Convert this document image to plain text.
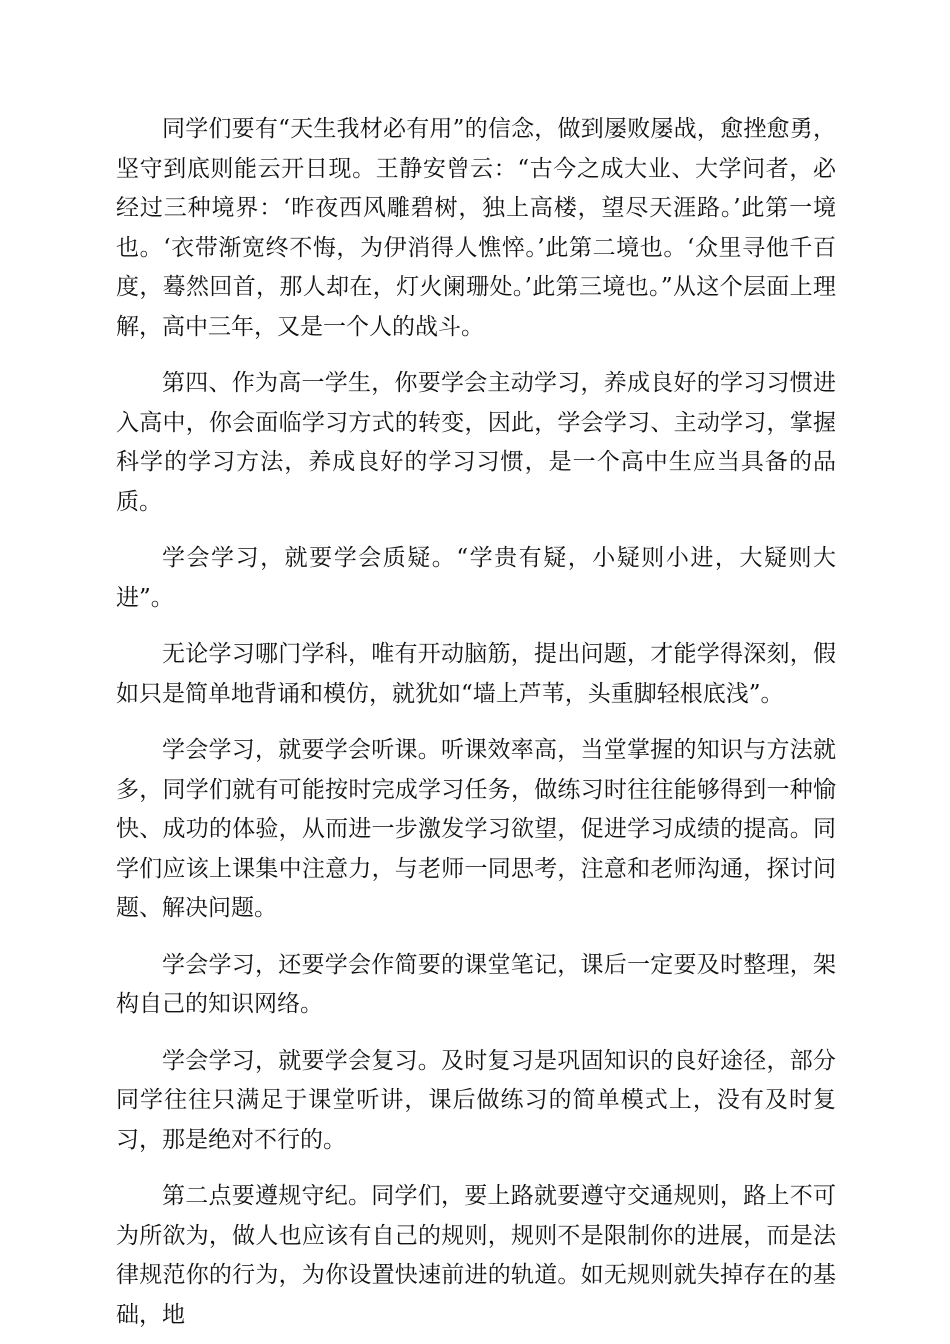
同学们要有“天生我材必有用”的信念，做到屡败屡战，愈挫愈勇，坚守到底则能云开日现。王静安曾云：“古今之成大业、大学问者，必经过三种境界：‘昨夜西风雕碧树，独上高楼，望尽天涯路。’此第一境也。‘衣带渐宽终不悔，为伊消得人憔悴。’此第二境也。‘众里寻他千百度，蓦然回首，那人却在，灯火阑珊处。’此第三境也。”从这个层面上理解，高中三年，又是一个人的战斗。

第四、作为高一学生，你要学会主动学习，养成良好的学习习惯进入高中，你会面临学习方式的转变，因此，学会学习、主动学习，掌握科学的学习方法，养成良好的学习习惯，是一个高中生应当具备的品质。

学会学习，就要学会质疑。“学贵有疑，小疑则小进，大疑则大进”。

无论学习哪门学科，唯有开动脑筋，提出问题，才能学得深刻，假如只是简单地背诵和模仿，就犹如“墙上芦苇，头重脚轻根底浅”。

学会学习，就要学会听课。听课效率高，当堂掌握的知识与方法就多，同学们就有可能按时完成学习任务，做练习时往往能够得到一种愉快、成功的体验，从而进一步激发学习欲望，促进学习成绩的提高。同学们应该上课集中注意力，与老师一同思考，注意和老师沟通，探讨问题、解决问题。

学会学习，还要学会作简要的课堂笔记，课后一定要及时整理，架构自己的知识网络。

学会学习，就要学会复习。及时复习是巩固知识的良好途径，部分同学往往只满足于课堂听讲，课后做练习的简单模式上，没有及时复习，那是绝对不行的。

第二点要遵规守纪。同学们，要上路就要遵守交通规则，路上不可为所欲为，做人也应该有自己的规则，规则不是限制你的进展，而是法律规范你的行为，为你设置快速前进的轨道。如无规则就失掉存在的基础，地
